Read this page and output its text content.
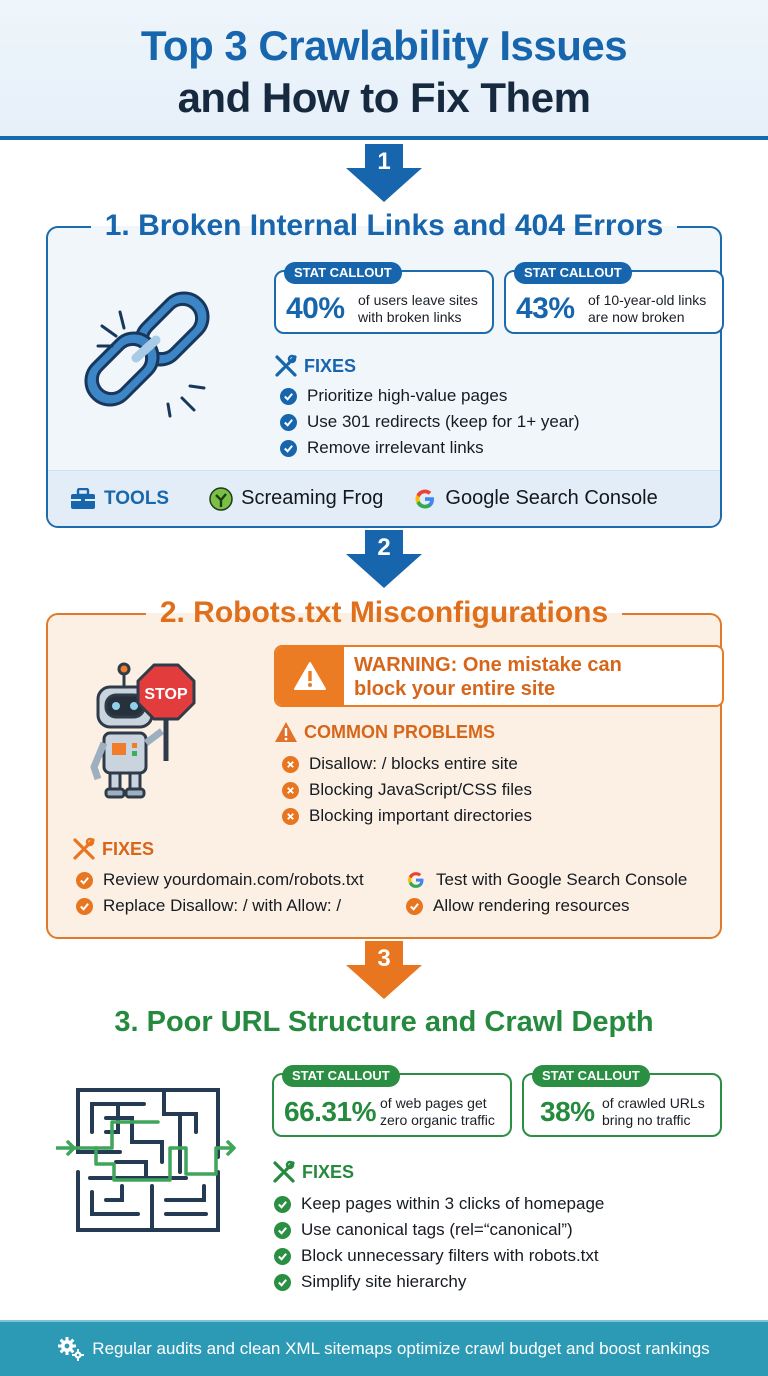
Top 3 Crawlability Issues
and How to Fix Them
1
1. Broken Internal Links and 404 Errors
STAT CALLOUT
40% of users leave sites
with broken links
STAT CALLOUT
43% of 10-year-old links
are now broken
FIXES
Prioritize high-value pages
Use 301 redirects (keep for 1+ year)
Remove irrelevant links
TOOLS	Screaming Frog	Google Search Console
2
2. Robots.txt Misconfigurations
STOP
WARNING: One mistake can
block your entire site
COMMON PROBLEMS
Disallow: / blocks entire site
Blocking JavaScript/CSS files
Blocking important directories
FIXES
Review yourdomain.com/robots.txt
Replace Disallow: / with Allow: /
Test with Google Search Console
Allow rendering resources
3
3. Poor URL Structure and Crawl Depth
STAT CALLOUT
66.31% of web pages get
zero organic traffic
STAT CALLOUT
38% of crawled URLs
bring no traffic
FIXES
Keep pages within 3 clicks of homepage
Use canonical tags (rel=“canonical”)
Block unnecessary filters with robots.txt
Simplify site hierarchy
Regular audits and clean XML sitemaps optimize crawl budget and boost rankings
